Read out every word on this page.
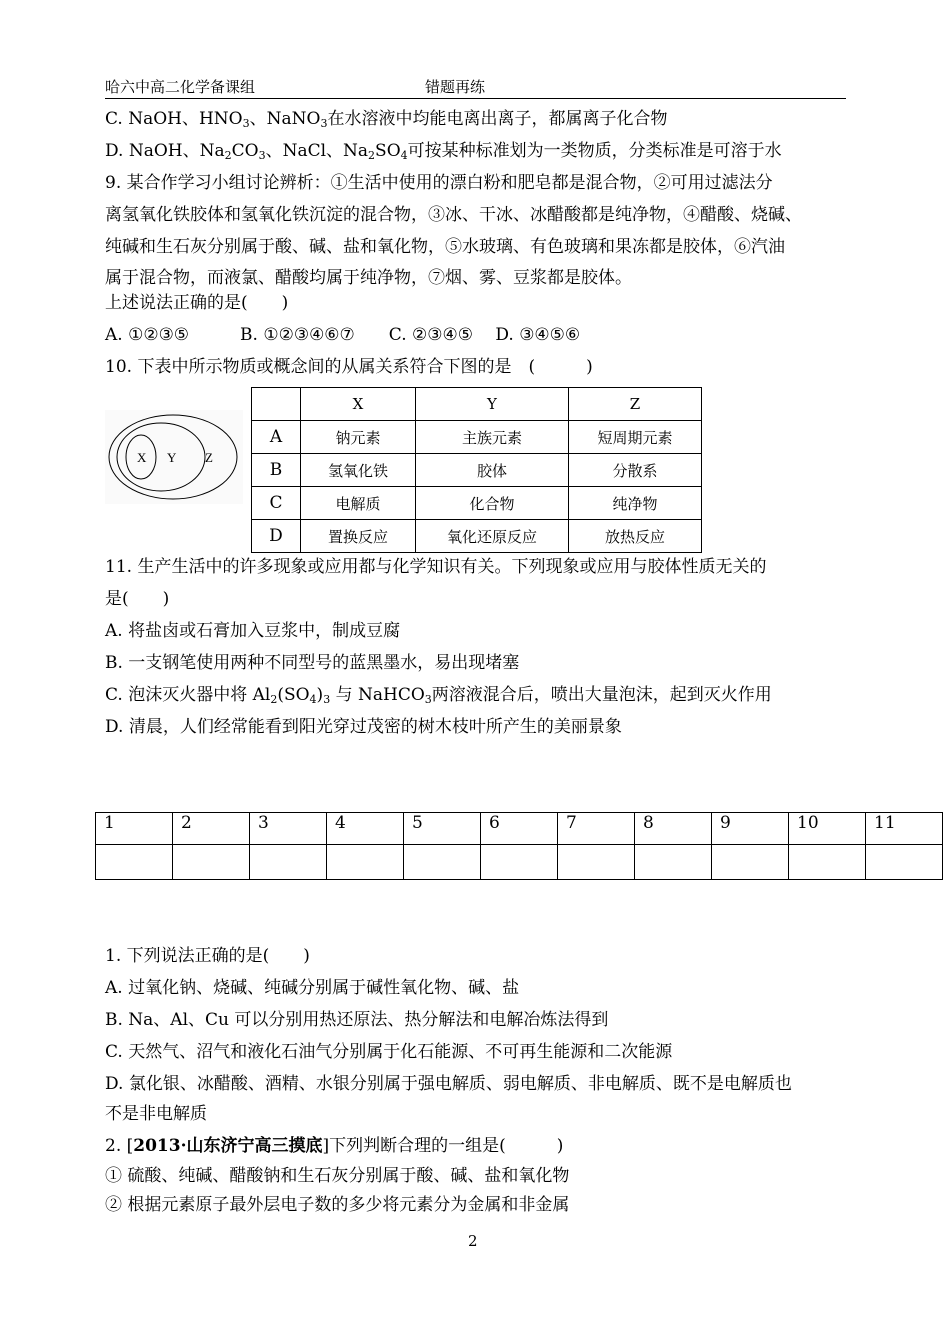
哈六中高二化学备课组	错题再练
C. NaOH、$HNO_3$、NaNO$_3$在水溶液中均能电离出离子，都属离子化合物
D. NaOH、$Na_2CO_3$、NaCl、$Na_2SO_4$可按某种标准划为一类物质，分类标准是可溶于水
9. 某合作学习小组讨论辨析：①生活中使用的漂白粉和肥皂都是混合物，②可用过滤法分
离氢氧化铁胶体和氢氧化铁沉淀的混合物，③冰、干冰、冰醋酸都是纯净物，④醋酸、烧碱、
纯碱和生石灰分别属于酸、碱、盐和氧化物，⑤水玻璃、有色玻璃和果冻都是胶体，⑥汽油
属于混合物，而液氯、醋酸均属于纯净物，⑦烟、雾、豆浆都是胶体。
上述说法正确的是(　　)
A. ①②③⑤　　　B. ①②③④⑥⑦　　C. ②③④⑤　 D. ③④⑤⑥
10. 下表中所示物质或概念间的从属关系符合下图的是　(　　　)
X Y Z
	X	Y	Z
A	钠元素	主族元素	短周期元素
B	氢氧化铁	胶体	分散系
C	电解质	化合物	纯净物
D	置换反应	氧化还原反应	放热反应
11. 生产生活中的许多现象或应用都与化学知识有关。下列现象或应用与胶体性质无关的
是(　　)
A. 将盐卤或石膏加入豆浆中，制成豆腐
B. 一支钢笔使用两种不同型号的蓝黑墨水，易出现堵塞
C. 泡沫灭火器中将 $Al_2(SO_4)_3$ 与 NaHCO$_3$两溶液混合后，喷出大量泡沫，起到灭火作用
D. 清晨，人们经常能看到阳光穿过茂密的树木枝叶所产生的美丽景象
1	2	3	4	5	6	7	8	9	10	11

1. 下列说法正确的是(　　)
A. 过氧化钠、烧碱、纯碱分别属于碱性氧化物、碱、盐
B. Na、Al、Cu 可以分别用热还原法、热分解法和电解冶炼法得到
C. 天然气、沼气和液化石油气分别属于化石能源、不可再生能源和二次能源
D. 氯化银、冰醋酸、酒精、水银分别属于强电解质、弱电解质、非电解质、既不是电解质也
不是非电解质
2. [2013·山东济宁高三摸底]下列判断合理的一组是(　　　)
① 硫酸、纯碱、醋酸钠和生石灰分别属于酸、碱、盐和氧化物
② 根据元素原子最外层电子数的多少将元素分为金属和非金属
2
